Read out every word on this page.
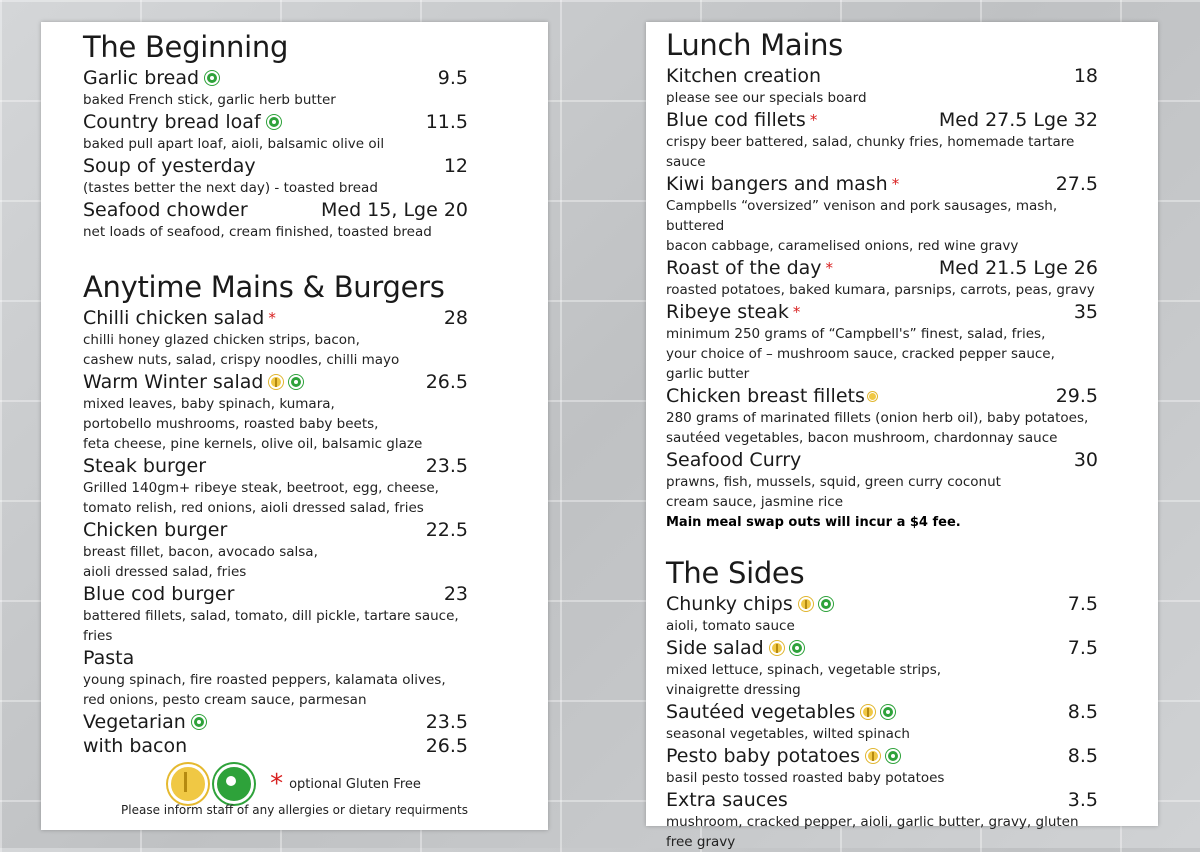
The Beginning
Garlic bread	9.5
baked French stick, garlic herb butter
Country bread loaf	11.5
baked pull apart loaf, aioli, balsamic olive oil
Soup of yesterday	12
(tastes better the next day) - toasted bread
Seafood chowder	Med 15, Lge 20
net loads of seafood, cream finished, toasted bread
Anytime Mains & Burgers
Chilli chicken salad *	28
chilli honey glazed chicken strips, bacon,
cashew nuts, salad, crispy noodles, chilli mayo
Warm Winter salad	26.5
mixed leaves, baby spinach, kumara,
portobello mushrooms, roasted baby beets,
feta cheese, pine kernels, olive oil, balsamic glaze
Steak burger	23.5
Grilled 140gm+ ribeye steak, beetroot, egg, cheese,
tomato relish, red onions, aioli dressed salad, fries
Chicken burger	22.5
breast fillet, bacon, avocado salsa,
aioli dressed salad, fries
Blue cod burger	23
battered fillets, salad, tomato, dill pickle, tartare sauce, fries
Pasta
young spinach, fire roasted peppers, kalamata olives,
red onions, pesto cream sauce, parmesan
Vegetarian	23.5
with bacon	26.5
* optional Gluten Free
Please inform staff of any allergies or dietary requirments
Lunch Mains
Kitchen creation	18
please see our specials board
Blue cod fillets *	Med 27.5 Lge 32
crispy beer battered, salad, chunky fries, homemade tartare sauce
Kiwi bangers and mash *	27.5
Campbells “oversized” venison and pork sausages, mash, buttered
bacon cabbage, caramelised onions, red wine gravy
Roast of the day *	Med 21.5 Lge 26
roasted potatoes, baked kumara, parsnips, carrots, peas, gravy
Ribeye steak *	35
minimum 250 grams of “Campbell's” finest, salad, fries,
your choice of – mushroom sauce, cracked pepper sauce,
garlic butter
Chicken breast fillets	29.5
280 grams of marinated fillets (onion herb oil), baby potatoes,
sautéed vegetables, bacon mushroom, chardonnay sauce
Seafood Curry	30
prawns, fish, mussels, squid, green curry coconut
cream sauce, jasmine rice
Main meal swap outs will incur a $4 fee.
The Sides
Chunky chips	7.5
aioli, tomato sauce
Side salad	7.5
mixed lettuce, spinach, vegetable strips,
vinaigrette dressing
Sautéed vegetables	8.5
seasonal vegetables, wilted spinach
Pesto baby potatoes	8.5
basil pesto tossed roasted baby potatoes
Extra sauces	3.5
mushroom, cracked pepper, aioli, garlic butter, gravy, gluten free gravy
